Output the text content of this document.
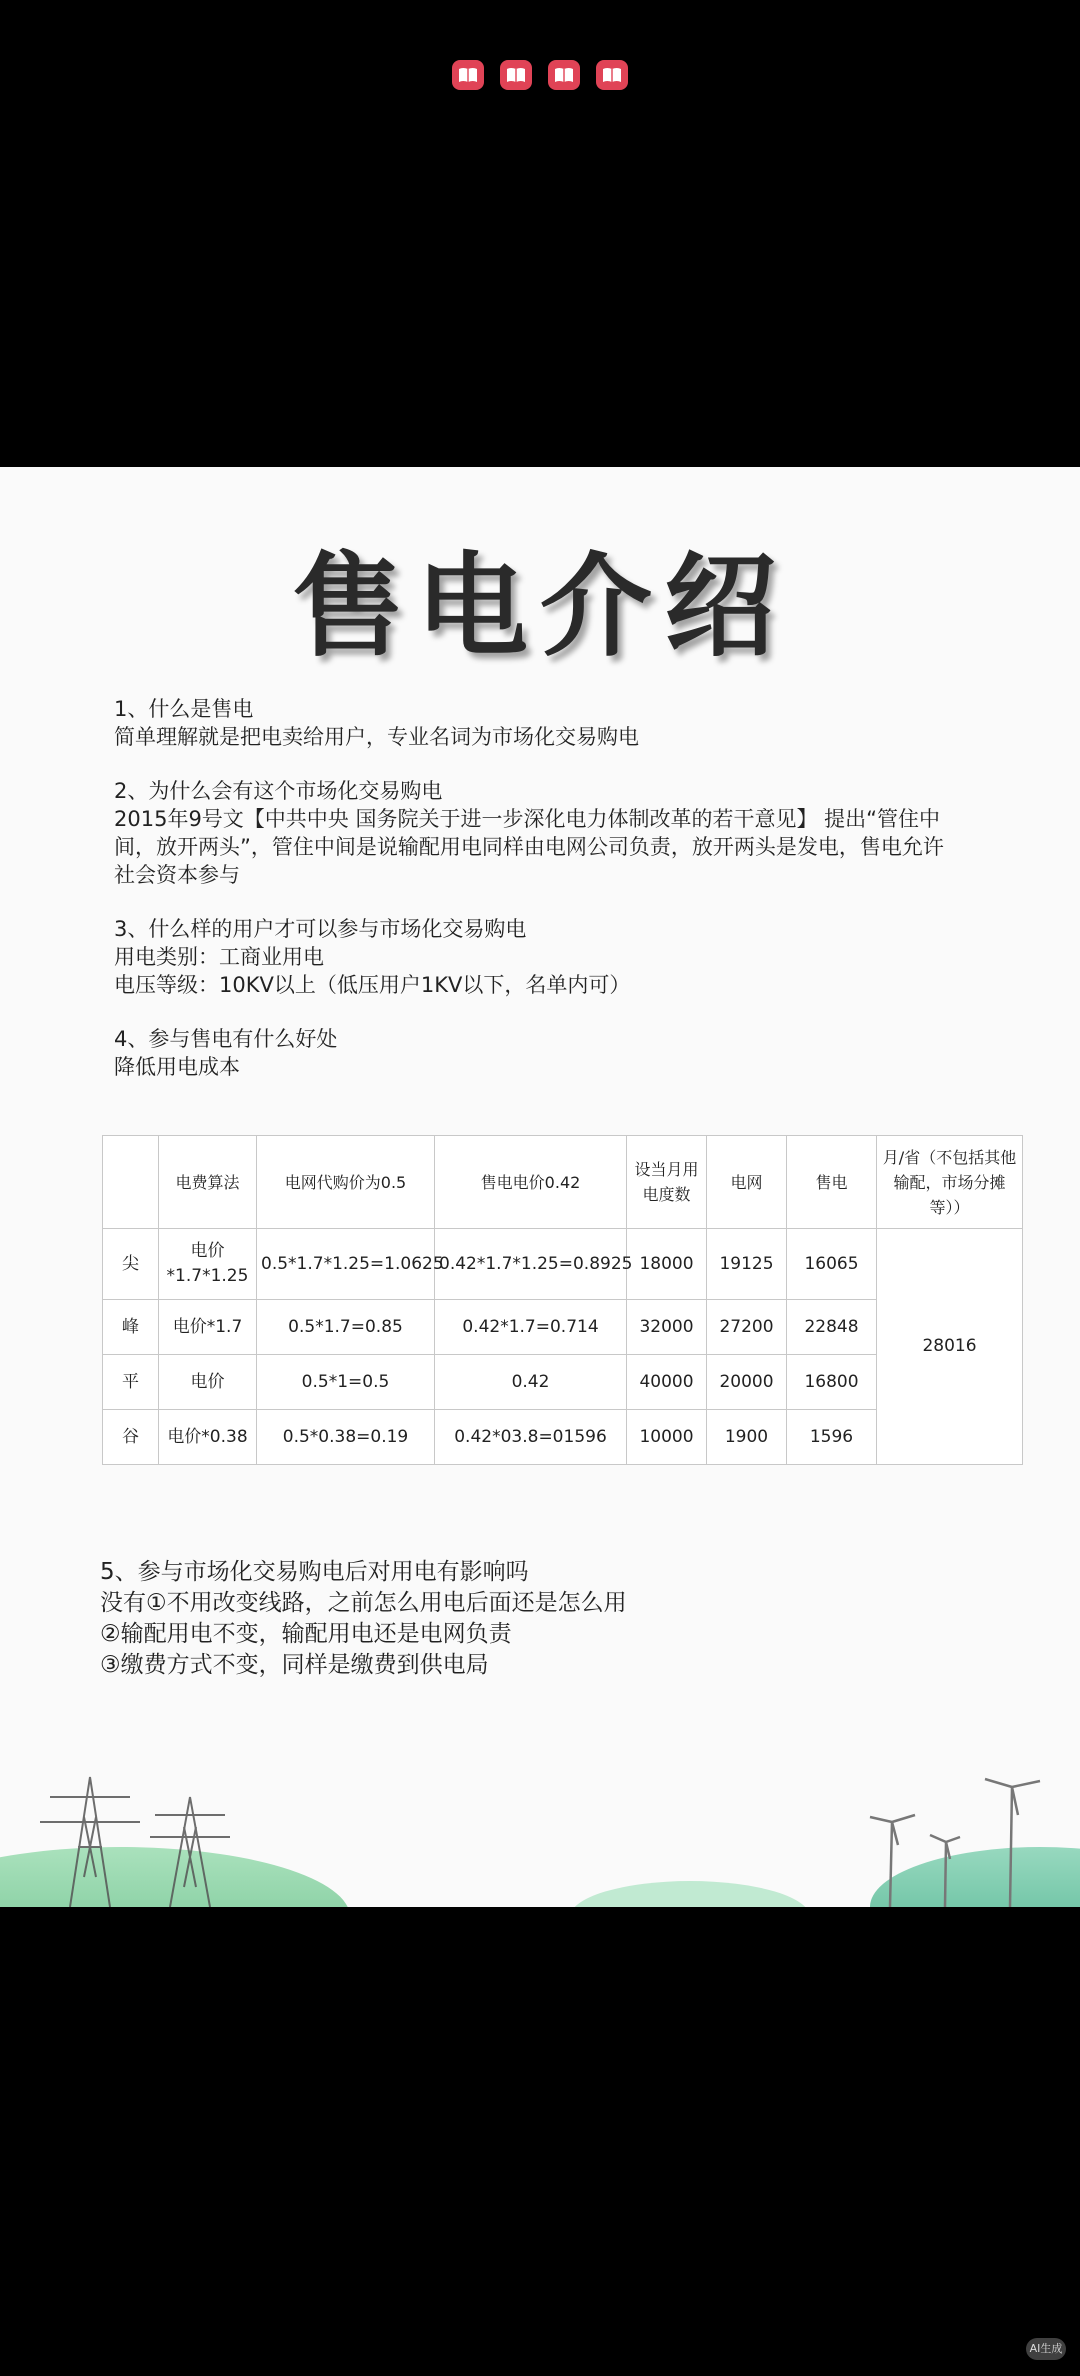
售电介绍

1、什么是售电

简单理解就是把电卖给用户，专业名词为市场化交易购电

2、为什么会有这个市场化交易购电

2015年9号文【中共中央 国务院关于进一步深化电力体制改革的若干意见】 提出“管住中

间，放开两头”，管住中间是说输配用电同样由电网公司负责，放开两头是发电，售电允许

社会资本参与

3、什么样的用户才可以参与市场化交易购电

用电类别：工商业用电

电压等级：10KV以上（低压用户1KV以下，名单内可）

4、参与售电有什么好处

降低用电成本

	电费算法	电网代购价为0.5	售电电价0.42	设当月用电度数	电网	售电	月/省（不包括其他输配，市场分摊等））
尖	电价*1.7*1.25	0.5*1.7*1.25=1.0625	0.42*1.7*1.25=0.8925	18000	19125	16065	28016
峰	电价*1.7	0.5*1.7=0.85	0.42*1.7=0.714	32000	27200	22848	
平	电价	0.5*1=0.5	0.42	40000	20000	16800	
谷	电价*0.38	0.5*0.38=0.19	0.42*03.8=01596	10000	1900	1596	

5、参与市场化交易购电后对用电有影响吗

没有①不用改变线路，之前怎么用电后面还是怎么用

②输配用电不变，输配用电还是电网负责

③缴费方式不变，同样是缴费到供电局

AI生成
